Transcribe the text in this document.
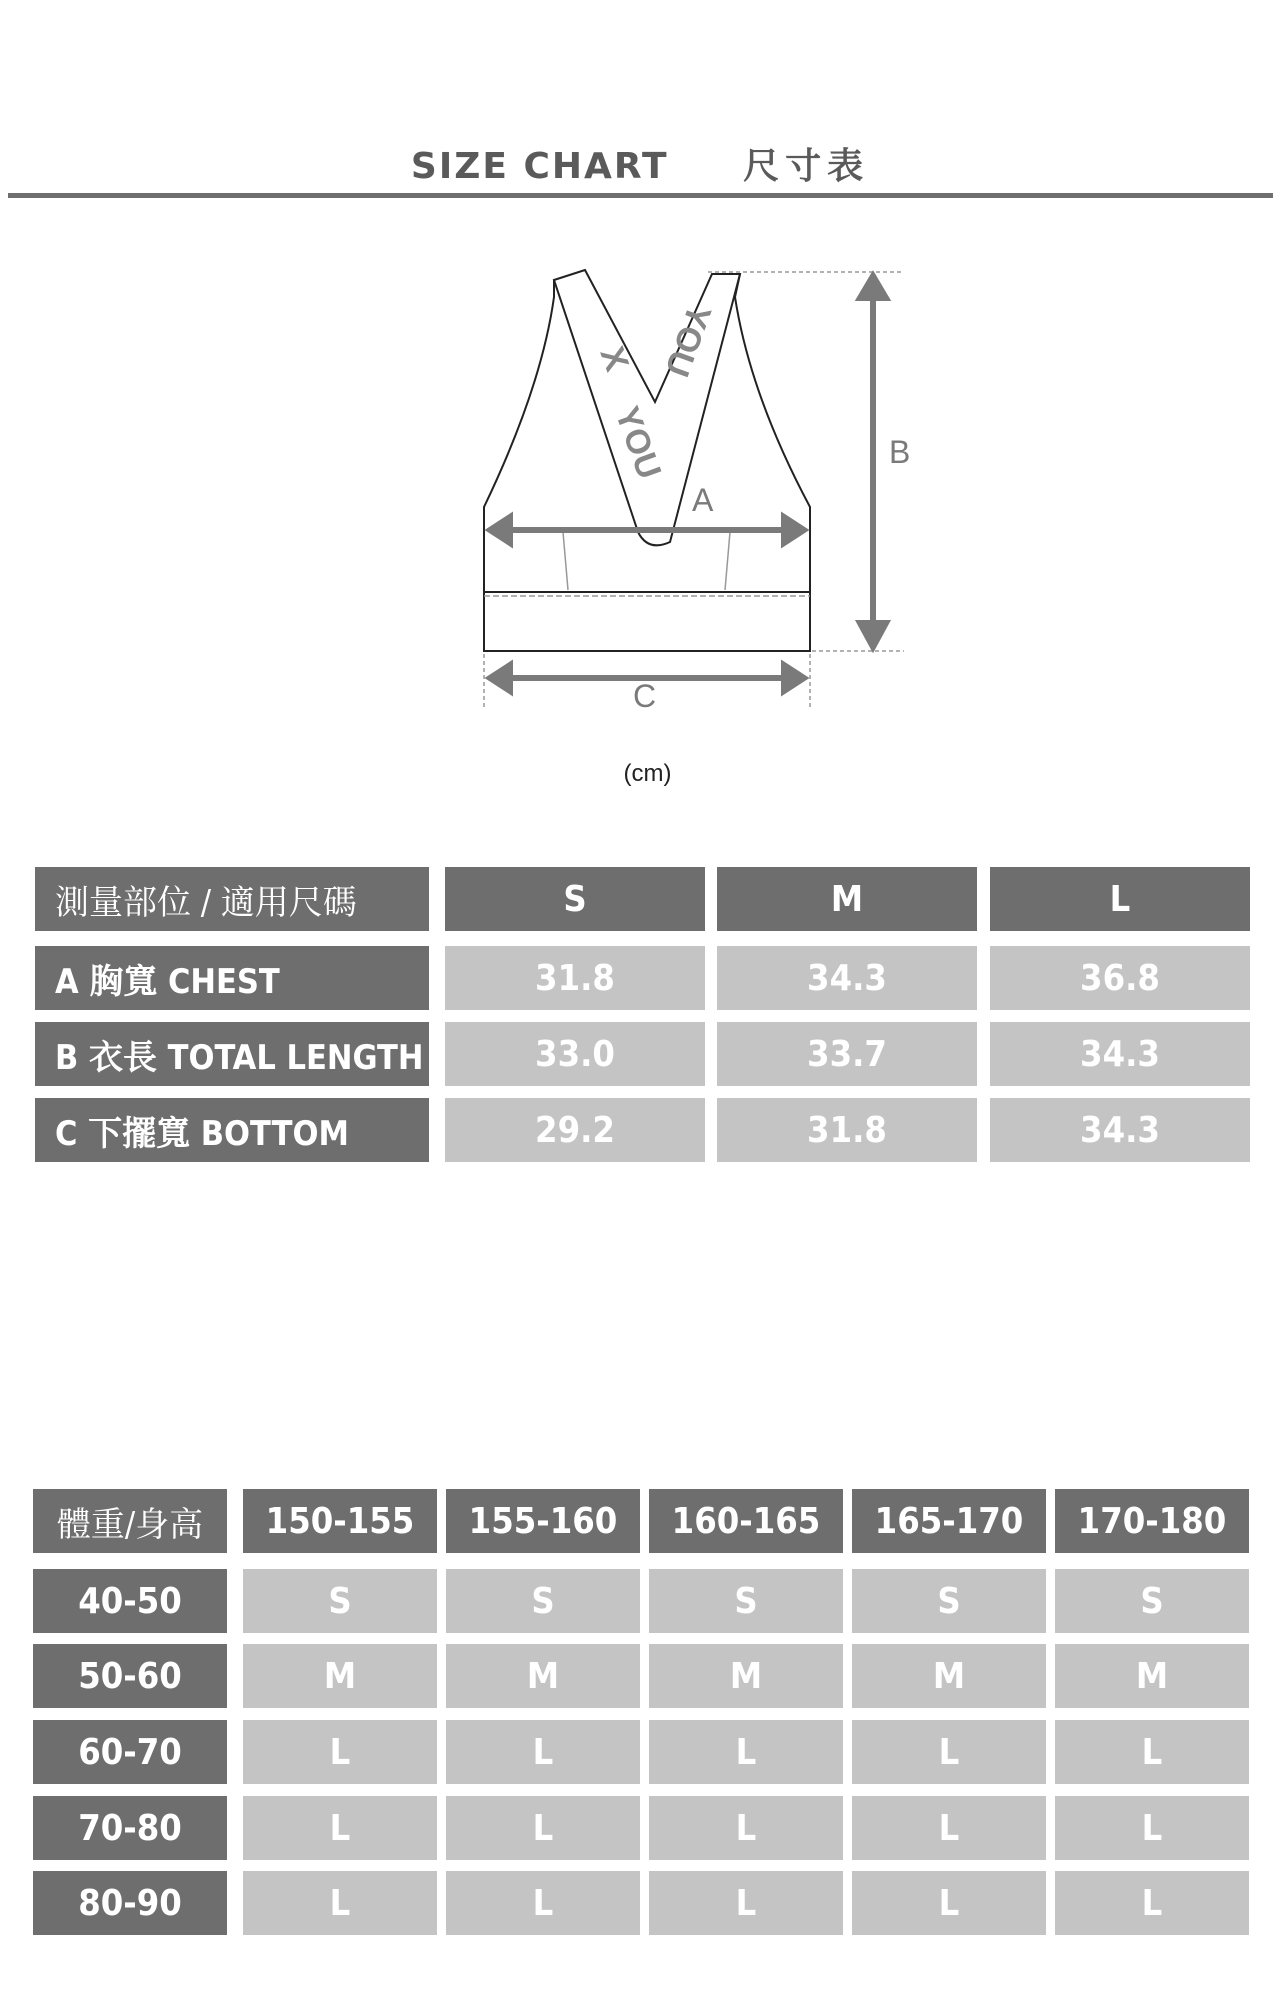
SIZE CHART 尺寸表
X
YOU
YOU
A
B
C
(cm)
測量部位 / 適用尺碼	S	M	L
A 胸寬 CHEST	31.8	34.3	36.8
B 衣長 TOTAL LENGTH	33.0	33.7	34.3
C 下擺寬 BOTTOM	29.2	31.8	34.3
體重/身高	150-155	155-160	160-165	165-170	170-180
40-50	S	S	S	S	S
50-60	M	M	M	M	M
60-70	L	L	L	L	L
70-80	L	L	L	L	L
80-90	L	L	L	L	L
